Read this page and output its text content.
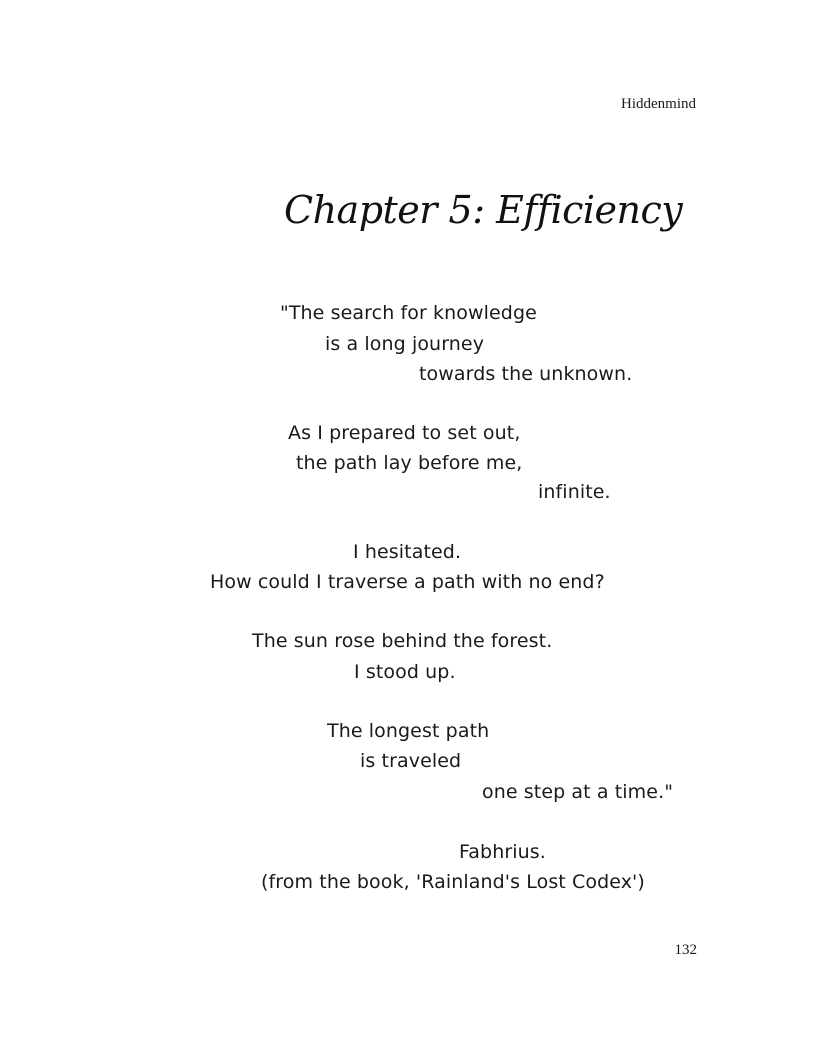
Hiddenmind
Chapter 5: Efficiency
"The search for knowledge
is a long journey
towards the unknown.
As I prepared to set out,
the path lay before me,
infinite.
I hesitated.
How could I traverse a path with no end?
The sun rose behind the forest.
I stood up.
The longest path
is traveled
one step at a time."
Fabhrius.
(from the book, 'Rainland's Lost Codex')
132
